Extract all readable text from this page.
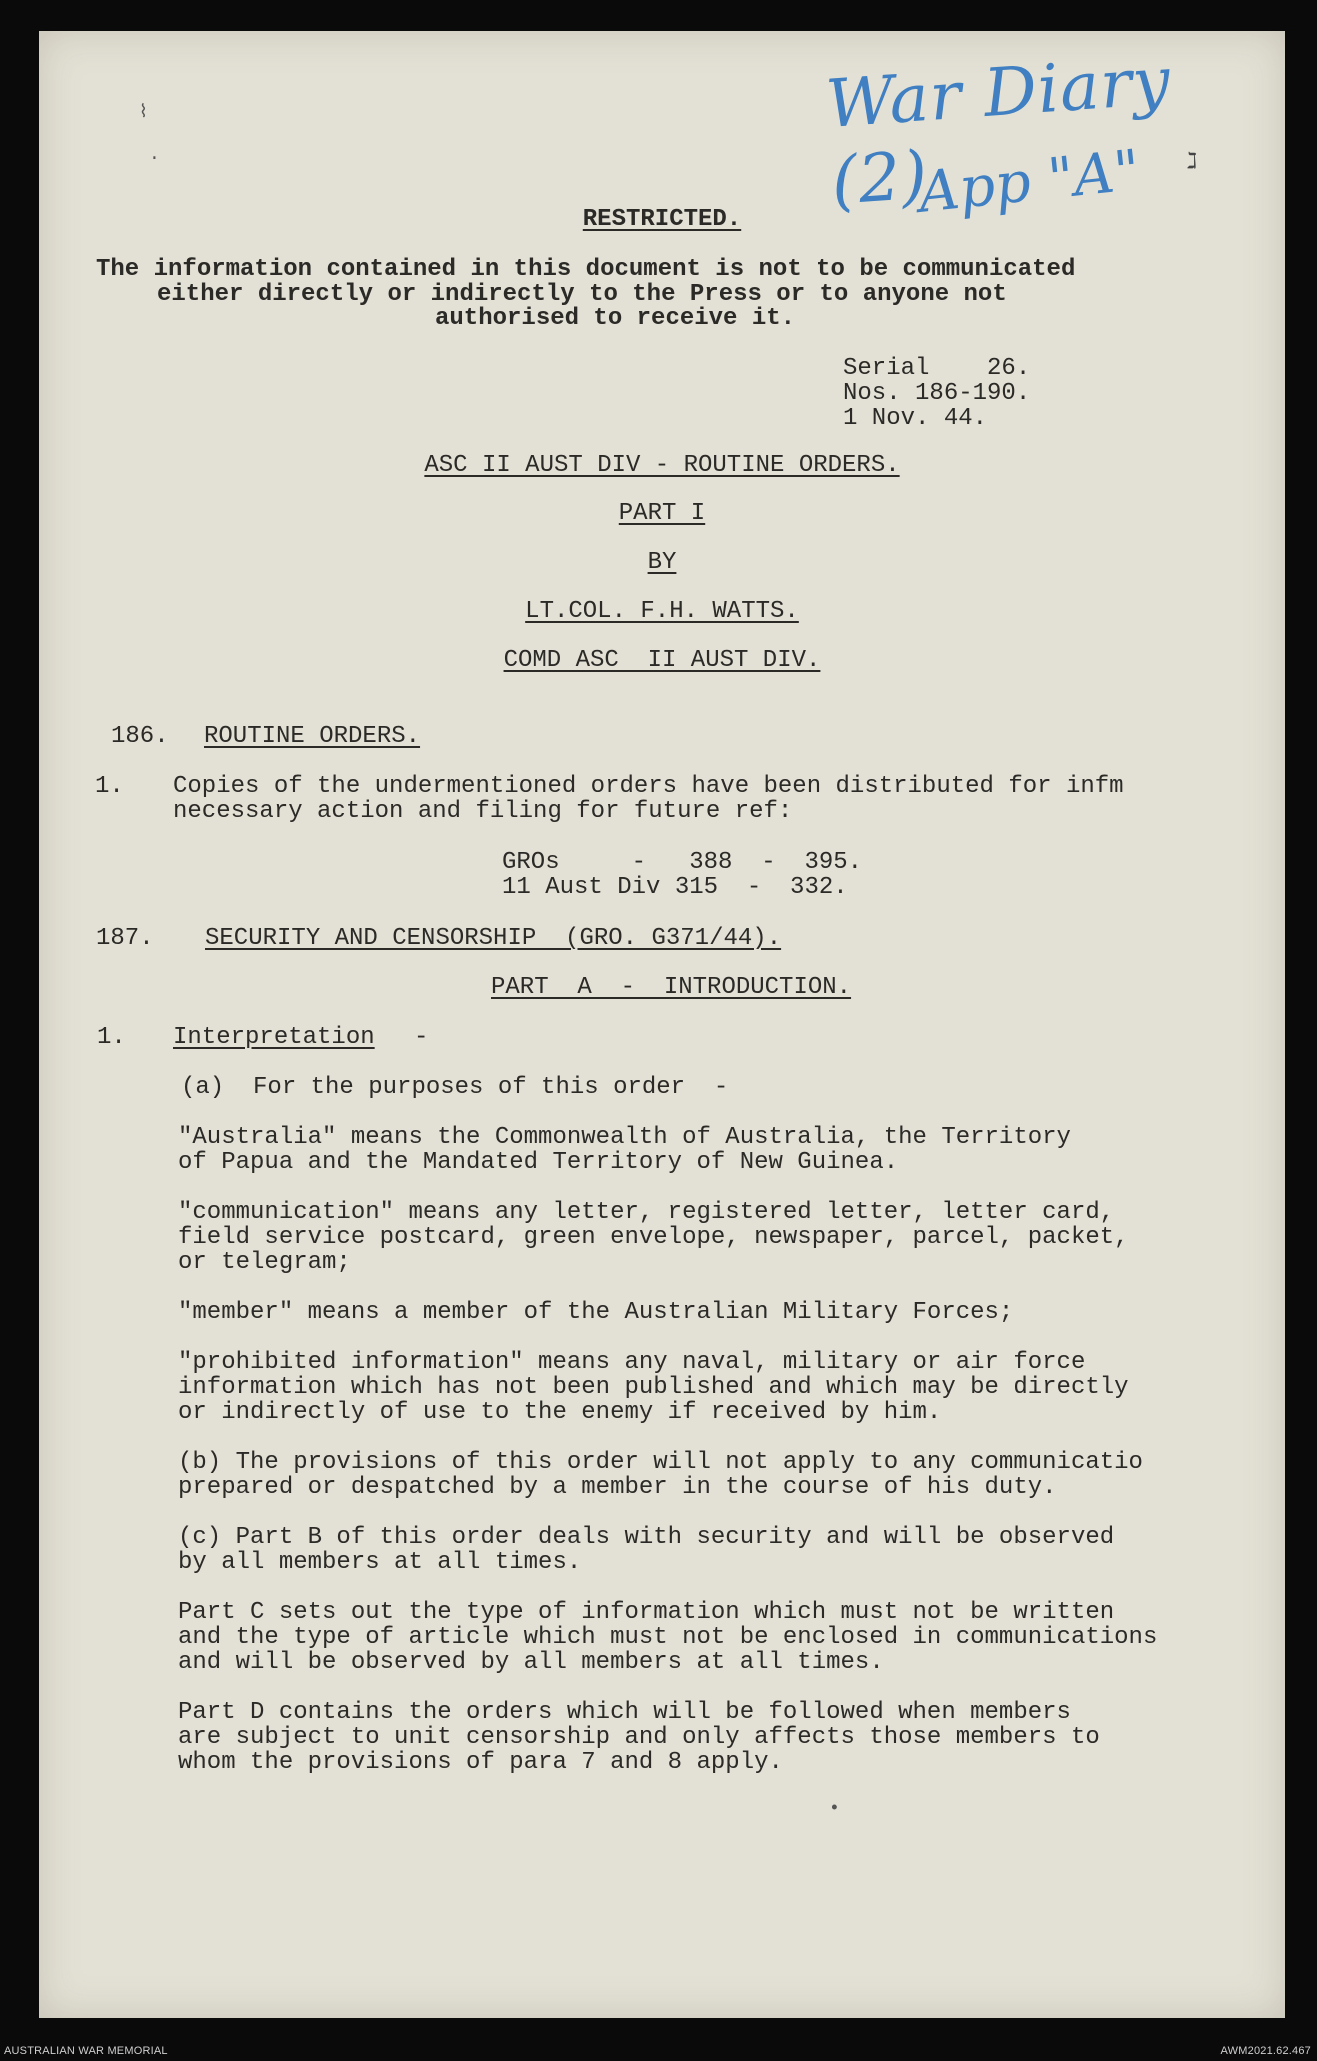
War Diary (2)
App "A" ℷ
⌇
·
RESTRICTED.
The information contained in this document is not to be communicated
either directly or indirectly to the Press or to anyone not
authorised to receive it.
Serial    26.
Nos. 186-190.
1 Nov. 44.
ASC II AUST DIV - ROUTINE ORDERS.
PART I
BY
LT.COL. F.H. WATTS.
COMD ASC  II AUST DIV.
186. ROUTINE ORDERS.
1. Copies of the undermentioned orders have been distributed for infm
necessary action and filing for future ref:
GROs     -   388  -  395.
11 Aust Div 315  -  332.
187. SECURITY AND CENSORSHIP  (GRO. G371/44).
PART  A  -  INTRODUCTION.
1. Interpretation -
(a)  For the purposes of this order  -
"Australia" means the Commonwealth of Australia, the Territory
of Papua and the Mandated Territory of New Guinea.
"communication" means any letter, registered letter, letter card,
field service postcard, green envelope, newspaper, parcel, packet,
or telegram;
"member" means a member of the Australian Military Forces;
"prohibited information" means any naval, military or air force
information which has not been published and which may be directly
or indirectly of use to the enemy if received by him.
(b) The provisions of this order will not apply to any communicatio
prepared or despatched by a member in the course of his duty.
(c) Part B of this order deals with security and will be observed
by all members at all times.
Part C sets out the type of information which must not be written
and the type of article which must not be enclosed in communications
and will be observed by all members at all times.
Part D contains the orders which will be followed when members
are subject to unit censorship and only affects those members to
whom the provisions of para 7 and 8 apply.
•
AUSTRALIAN WAR MEMORIAL	AWM2021.62.467
